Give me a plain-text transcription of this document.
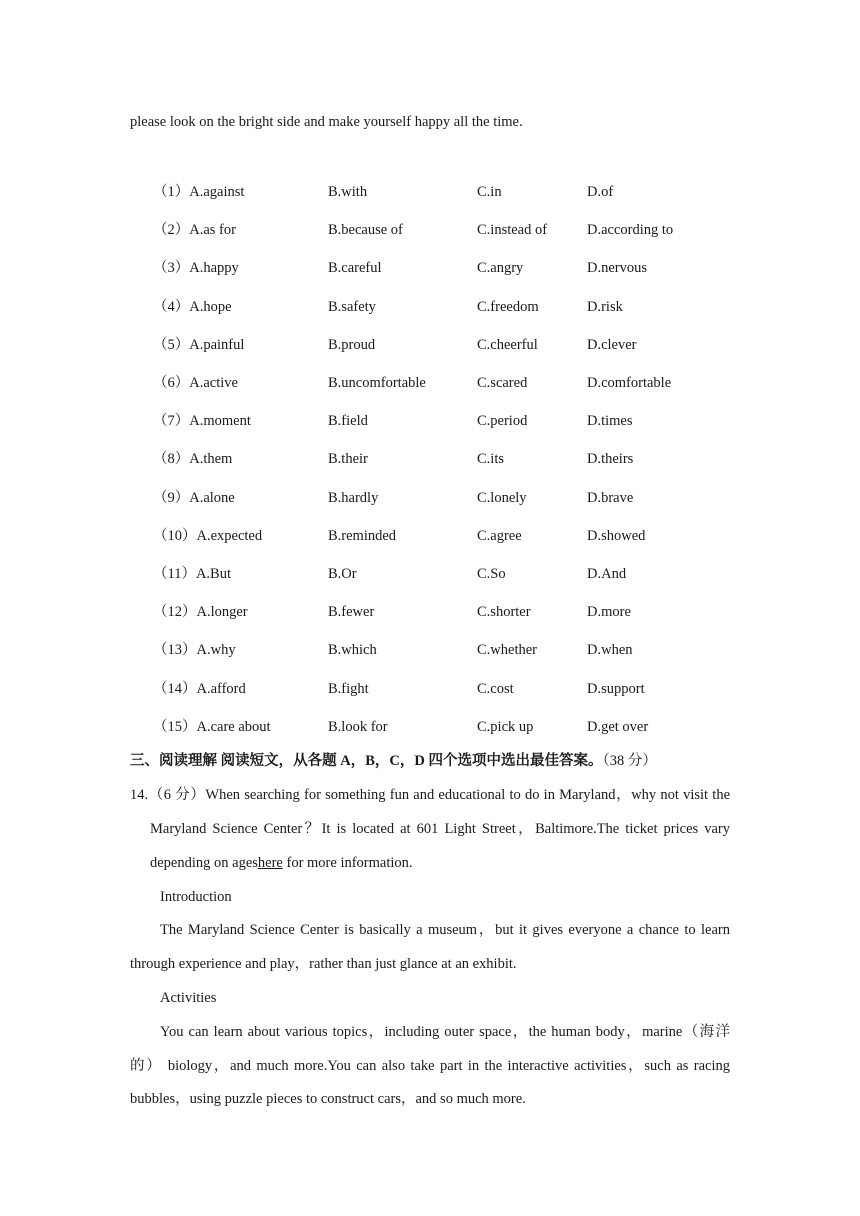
please look on the bright side and make yourself happy all the time.
（1）A.against	B.with	C.in	D.of
（2）A.as for	B.because of	C.instead of	D.according to
（3）A.happy	B.careful	C.angry	D.nervous
（4）A.hope	B.safety	C.freedom	D.risk
（5）A.painful	B.proud	C.cheerful	D.clever
（6）A.active	B.uncomfortable	C.scared	D.comfortable
（7）A.moment	B.field	C.period	D.times
（8）A.them	B.their	C.its	D.theirs
（9）A.alone	B.hardly	C.lonely	D.brave
（10）A.expected	B.reminded	C.agree	D.showed
（11）A.But	B.Or	C.So	D.And
（12）A.longer	B.fewer	C.shorter	D.more
（13）A.why	B.which	C.whether	D.when
（14）A.afford	B.fight	C.cost	D.support
（15）A.care about	B.look for	C.pick up	D.get over
三、阅读理解 阅读短文，从各题 A，B，C，D 四个选项中选出最佳答案。（38 分）
14.（6 分）When searching for something fun and educational to do in Maryland，why not visit the
Maryland Science Center？It is located at 601 Light Street，Baltimore.The ticket prices vary
depending on ageshere for more information.
Introduction
The Maryland Science Center is basically a museum，but it gives everyone a chance to learn
through experience and play，rather than just glance at an exhibit.
Activities
You can learn about various topics，including outer space，the human body，marine（海洋
的） biology，and much more.You can also take part in the interactive activities，such as racing
bubbles，using puzzle pieces to construct cars，and so much more.
